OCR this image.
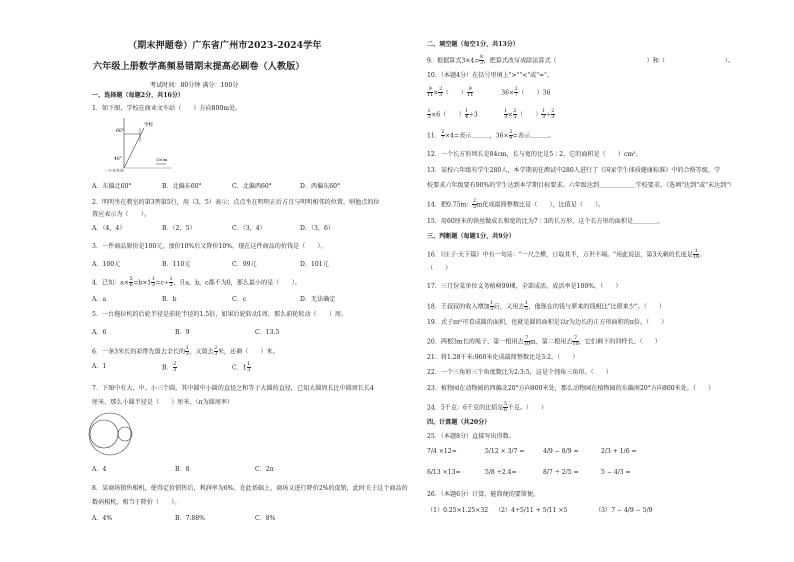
（期末押题卷）广东省广州市2023-2024学年
六年级上册数学高频易错期末提高必刷卷（人教版）
考试时间：80分钟 满分：100分
一、选择题（每题2分，共16分）
1．如下图，学校在商业文车站（　　）方向800m处。
60°
40°
学校
公交车站
200m
A．东偏北60°	B．北偏东60°	C．北偏西60°	D．西偏东60°
2．明明坐在教室的第3列第5行，用（3，5）表示；点点坐在明明正后方且与明明相邻的位置，则他点的位
置应表示为（　　）。
A．（4，4）	B．（2，5）	C．（3，4）	D．（3，6）
3．一件商品原价是100元，加价10%后又降价10%，现在这件商品的价钱是（　　）。
A．100元	B．110元	C．99元	D．101元
4．已知：$a\times \frac{5}{6} =b\times 1 \frac{1}{3} =c\div \frac{1}{2}$ ，且a，b，c都不为0，那么最小的是（　　）。
A．a	B．b	C．c	D．无法确定
5．一台拖拉机的后轮半径是前轮半径的1.5倍，如果后轮转动1周，那么前轮转动（　　）周。
A．6	B．9	C．13.5
6．一条3米长的彩带先剪去全长的 $\frac{1}{3}$ ，又剪去 $\frac{2}{3}$ 米，还剩（　　）米。
A．1	B． $\frac{2}{3}$	C．$1 \frac{1}{3}$
7．下图中有大、中、小三个圆，其中圆中小圆的直径之和等于大圆的直径，已知大圆周长比中圆周长长4
厘米，那么小圆半径是（　　）厘米。（π为圆周率）
A．4	B．8	C．2π
8．某商场销售相机，使得定价销售后，利润率为6%。在此基础上，商场又进行降价2%的促销，此时关于这个商品的
数码相机，相当于降价（　　）。
A．4%	B．7.88%	C．8%
二、填空题（每空1分，共13分）
9．根据算式$3\times 4= \frac{8}{3}$ ，把算式改写成除法算式（	）和（	）。
10．（本题4分）在括号里填上">""<"或"="。
$\frac{9}{11} \times \frac{2}{3}$ （　　） $\frac{9}{11}$	$36\times \frac{2}{7}$ （　　）36
$\frac{1}{3} \times 6$（　　） $\frac{1}{4} \div 3$	$\frac{1}{3} \times \frac{2}{3}$ （　　） $\frac{1}{3} \div \frac{2}{3}$
11． $\frac{2}{7} \times 4=$表示＿＿＿，$36\times \frac{2}{9}$ =表示＿＿＿。
12．一个长方形周长是84cm，长与宽的比是5∶2，它的面积是（　　）cm²。
13．某校六年级有学生280人，本学期初在测试中280人进行了《国家学生体质健康标准》中的合格等级，学
校要求六年级要有90%的学生达到本学期目标要求。六年级达到＿＿＿＿＿＿学校要求。（选填"达到"或"未达到"）
14．把0.75m： $\frac{2}{5}$ m化成最简整数比是（　　），比值是（　　）。
15．用60厘米的铁丝做成长和宽的比为7∶3的长方形，这个长方形的面积是＿＿＿＿。
三、判断题（每题1分，共9分）
16．《庄子·天下篇》中有一句话："一尺之棰，日取其半，万世不竭。"用此说法，第3天剩的长度是 $\frac{1}{16}$ 。
（　　）
17．三月份某单位义务植树99棵，全部成活，成活率是100%。（　　）
18．王叔叔的收入增加 $\frac{1}{5}$ 后，又用去 $\frac{1}{5}$ ，他现在的钱与原来的钱相比"比原来少"。（　　）
19．式子πr²可看成圆的面积，也就是圆的面积是以r为边长的正方形面积的π倍。（　　）
20．两根3m长的绳子，第一根用去 $\frac{7}{10}$ m，第二根用去 $\frac{7}{10}$ ，它们剩下的同样长。（　　）
21．将1.28千米:960米化成最简整数比是3:2。（　　）
22．一个三角形三个角度数比为2:3:5，这是个钝角三角形。（　　）
23．植物园在动物园的西偏北20°方向800米处，那么动物园在植物园的东偏南20°方向800米处。（　　）
24．5千克：6千克的比值是 $\frac{5}{6}$ 千克。（　　）
四、计算题（共20分）
25．（本题8分）直接写出得数。
7/4 ×12=	5/12 × 3/7 =	4/9 − 8/9 =	2/3 + 1/6 =
6/13 ×13=	5/8 ÷2.4=	8/7 ÷ 2/5 =	5 − 4/3 =
26．（本题6分）计算，能简便的要简便。
（1）0.25×1.25×32 （2）4÷5/11 + 5/11 ×5	（3）7 − 4/9 − 5/9
